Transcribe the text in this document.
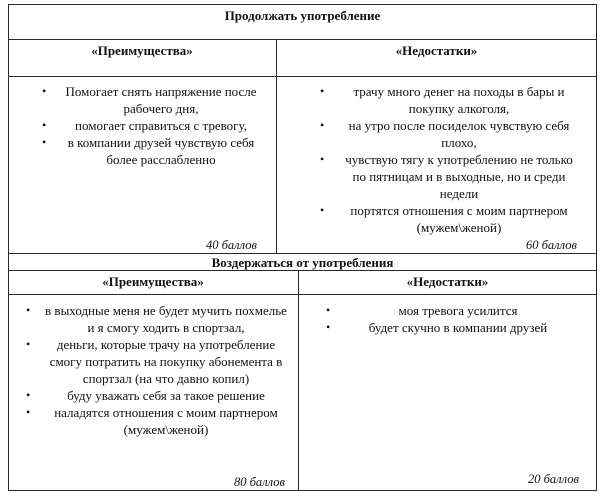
Продолжать употребление
«Преимущества»	«Недостатки»
• Помогает снять напряжение после рабочего дня,
• помогает справиться с тревогу,
• в компании друзей чувствую себя более расслабленно
40 баллов
• трачу много денег на походы в бары и покупку алкоголя,
• на утро после посиделок чувствую себя плохо,
• чувствую тягу к употреблению не только по пятницам и в выходные, но и среди недели
• портятся отношения с моим партнером (мужем\женой)
60 баллов
Воздержаться от употребления
«Преимущества»	«Недостатки»
• в выходные меня не будет мучить похмелье и я смогу ходить в спортзал,
• деньги, которые трачу на употребление смогу потратить на покупку абонемента в спортзал (на что давно копил)
• буду уважать себя за такое решение
• наладятся отношения с моим партнером (мужем\женой)
80 баллов
• моя тревога усилится
• будет скучно в компании друзей
20 баллов
